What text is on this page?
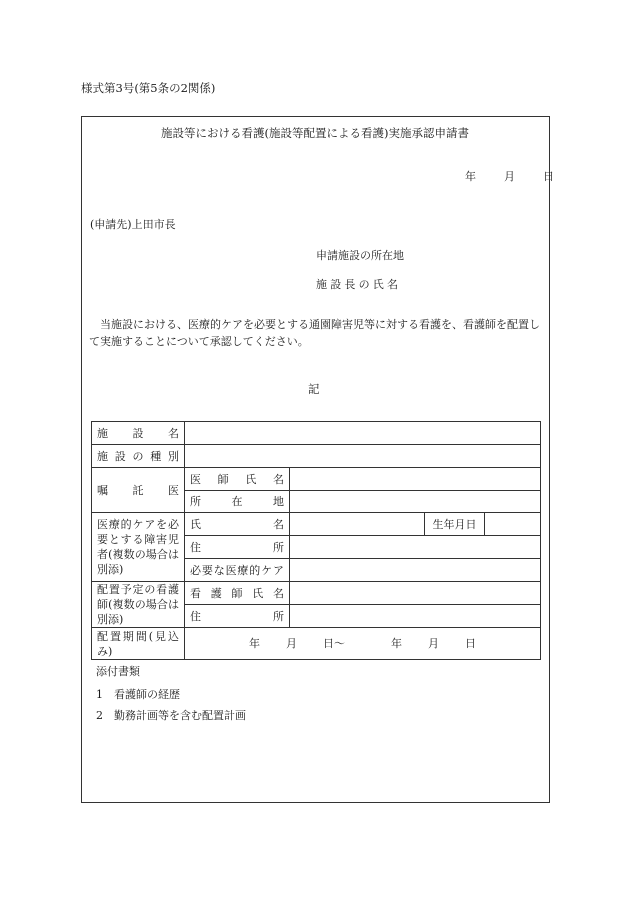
様式第3号(第5条の2関係)
施設等における看護(施設等配置による看護)実施承認申請書
年	月	日
(申請先)上田市長
申請施設の所在地
施設長の氏名
当施設における、医療的ケアを必要とする通園障害児等に対する看護を、看護師を配置して実施することについて承認してください。
記
施設名				

施設の種別				

嘱託医	医師氏名			

	所在地			

医療的ケアを必要とする障害児者(複数の場合は別添)	氏名		生年月日	

	住所			

	必要な医療的ケア			

配置予定の看護師(複数の場合は別添)	看護師氏名			

	住所			

配置期間(見込み)	年 月 日〜 年 月 日			
添付書類
1　看護師の経歴
2　勤務計画等を含む配置計画
